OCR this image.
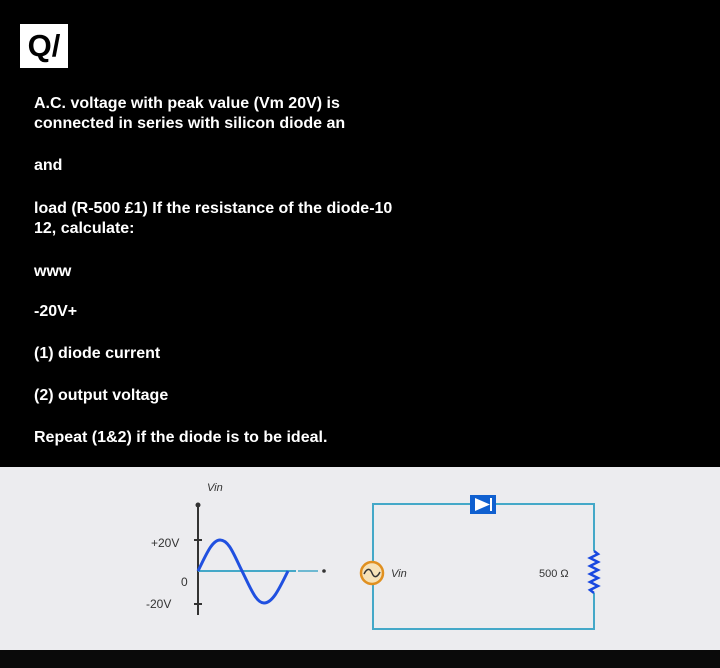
Q/
A.C. voltage with peak value (Vm 20V) is
connected in series with silicon diode an
and
load (R-500 £1) If the resistance of the diode-10
12, calculate:
www
-20V+
(1) diode current
(2) output voltage
Repeat (1&2) if the diode is to be ideal.
Vin
+20V
0
-20V
Vin	500 Ω
